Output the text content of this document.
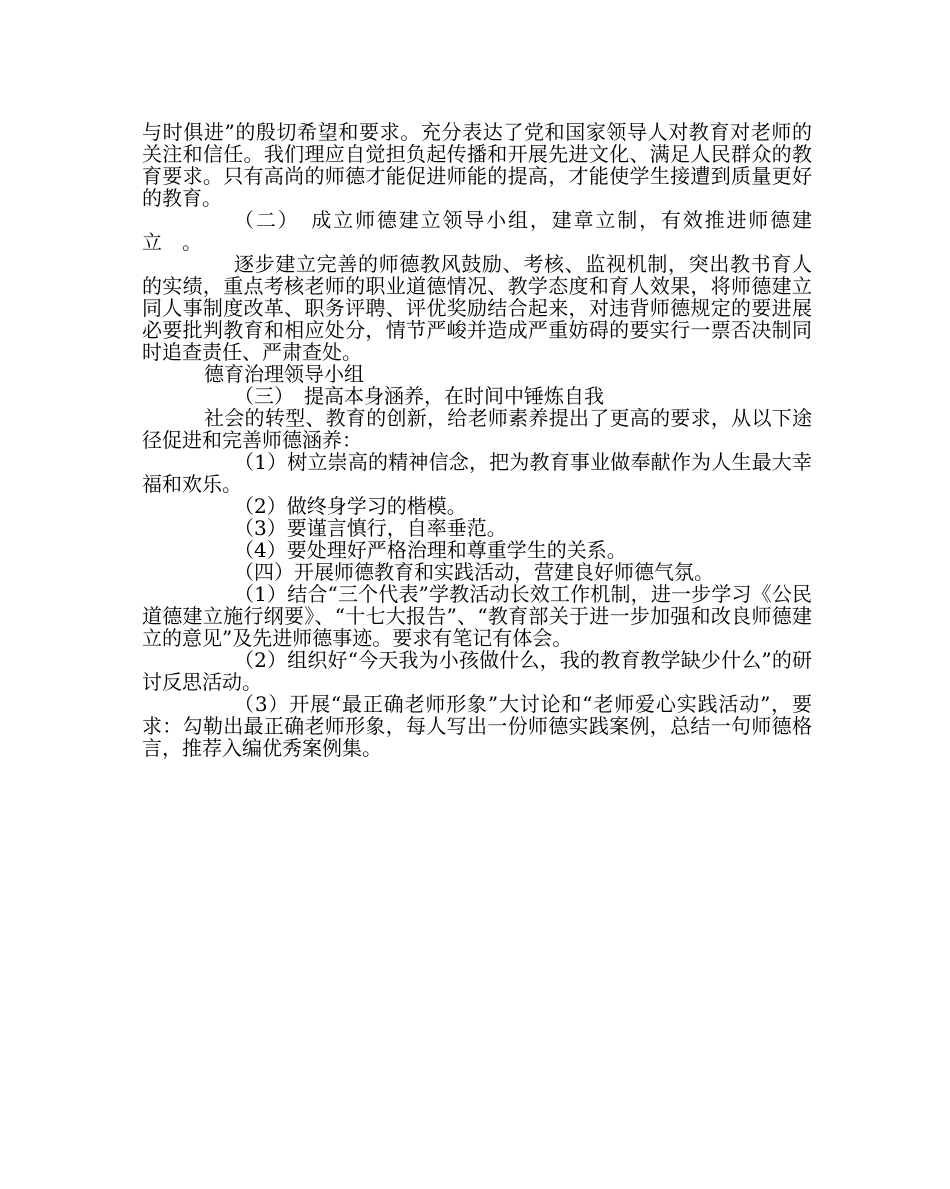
与时俱进”的殷切希望和要求。充分表达了党和国家领导人对教育对老师的关注和信任。我们理应自觉担负起传播和开展先进文化、满足人民群众的教育要求。只有高尚的师德才能促进师能的提高，才能使学生接遭到质量更好的教育。

（二）　成立师德建立领导小组，建章立制，有效推进师德建立　。

逐步建立完善的师德教风鼓励、考核、监视机制，突出教书育人的实绩，重点考核老师的职业道德情况、教学态度和育人效果，将师德建立同人事制度改革、职务评聘、评优奖励结合起来，对违背师德规定的要进展必要批判教育和相应处分，情节严峻并造成严重妨碍的要实行一票否决制同时追查责任、严肃查处。

德育治理领导小组

（三）　提高本身涵养，在时间中锤炼自我

社会的转型、教育的创新，给老师素养提出了更高的要求，从以下途径促进和完善师德涵养：

（1）树立崇高的精神信念，把为教育事业做奉献作为人生最大幸福和欢乐。

（2）做终身学习的楷模。

（3）要谨言慎行，自率垂范。

（4）要处理好严格治理和尊重学生的关系。

（四）开展师德教育和实践活动，营建良好师德气氛。

（1）结合“三个代表”学教活动长效工作机制，进一步学习《公民道德建立施行纲要》、“十七大报告”、“教育部关于进一步加强和改良师德建立的意见”及先进师德事迹。要求有笔记有体会。

（2）组织好“今天我为小孩做什么，我的教育教学缺少什么”的研讨反思活动。

（3）开展“最正确老师形象”大讨论和“老师爱心实践活动”，要求：勾勒出最正确老师形象，每人写出一份师德实践案例，总结一句师德格言，推荐入编优秀案例集。
